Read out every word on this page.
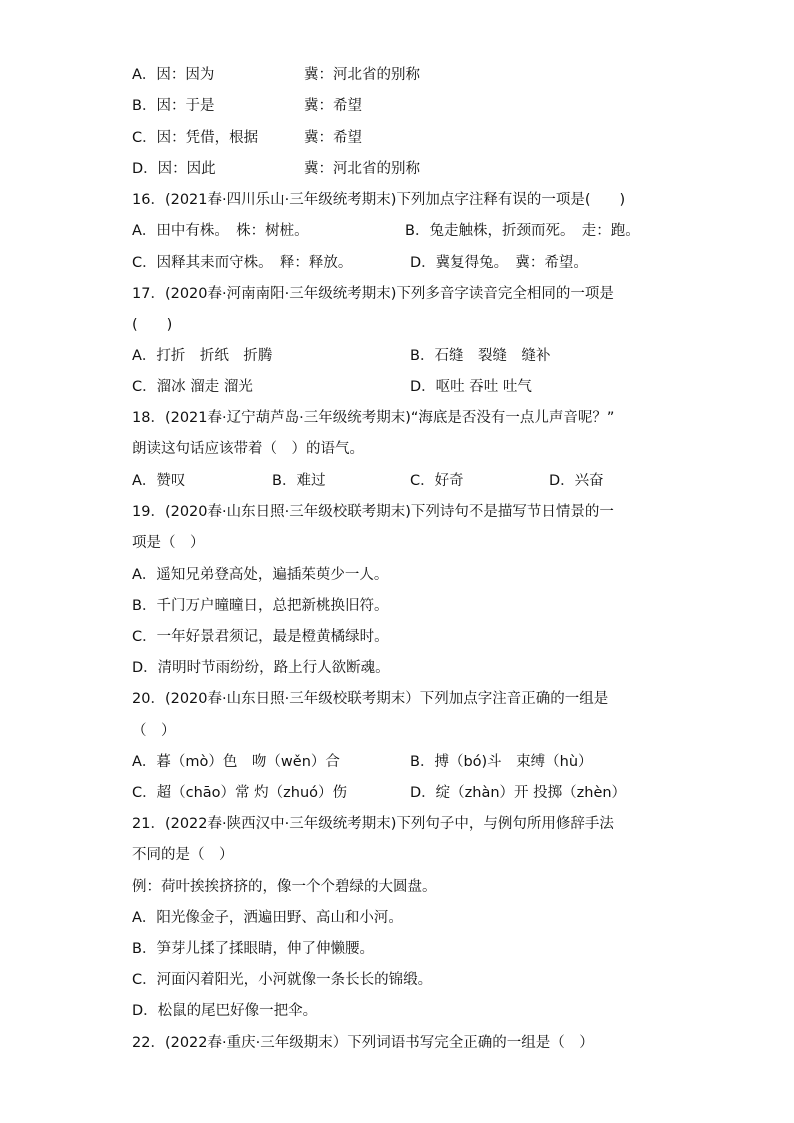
A．因：因为	冀：河北省的别称
B．因：于是	冀：希望
C．因：凭借，根据	冀：希望
D．因：因此	冀：河北省的别称
16．(2021春·四川乐山·三年级统考期末)下列加点字注释有误的一项是(　　)
A．田中有株。　株：树桩。	B．兔走触株，折颈而死。　走：跑。
C．因释其耒而守株。　释：释放。	D．冀复得兔。　冀：希望。
17．(2020春·河南南阳·三年级统考期末)下列多音字读音完全相同的一项是
(　　)
A．打折　折纸　折腾	B．石缝　裂缝　缝补
C．溜冰 溜走 溜光	D．呕吐 吞吐 吐气
18．(2021春·辽宁葫芦岛·三年级统考期末)“海底是否没有一点儿声音呢？”
朗读这句话应该带着（　）的语气。
A．赞叹	B．难过	C．好奇	D．兴奋
19．(2020春·山东日照·三年级校联考期末)下列诗句不是描写节日情景的一
项是（　）
A．遥知兄弟登高处，遍插茱萸少一人。
B．千门万户曈曈日，总把新桃换旧符。
C．一年好景君须记，最是橙黄橘绿时。
D．清明时节雨纷纷，路上行人欲断魂。
20．(2020春·山东日照·三年级校联考期末）下列加点字注音正确的一组是
（　）
A．暮（mò）色　吻（wěn）合	B．搏（bó)斗　束缚（hù）
C．超（chāo）常 灼（zhuó）伤	D．绽（zhàn）开 投掷（zhèn）
21．(2022春·陕西汉中·三年级统考期末)下列句子中，与例句所用修辞手法
不同的是（　）
例：荷叶挨挨挤挤的，像一个个碧绿的大圆盘。
A．阳光像金子，洒遍田野、高山和小河。
B．笋芽儿揉了揉眼睛，伸了伸懒腰。
C．河面闪着阳光，小河就像一条长长的锦缎。
D．松鼠的尾巴好像一把伞。
22．(2022春·重庆·三年级期末）下列词语书写完全正确的一组是（　）
